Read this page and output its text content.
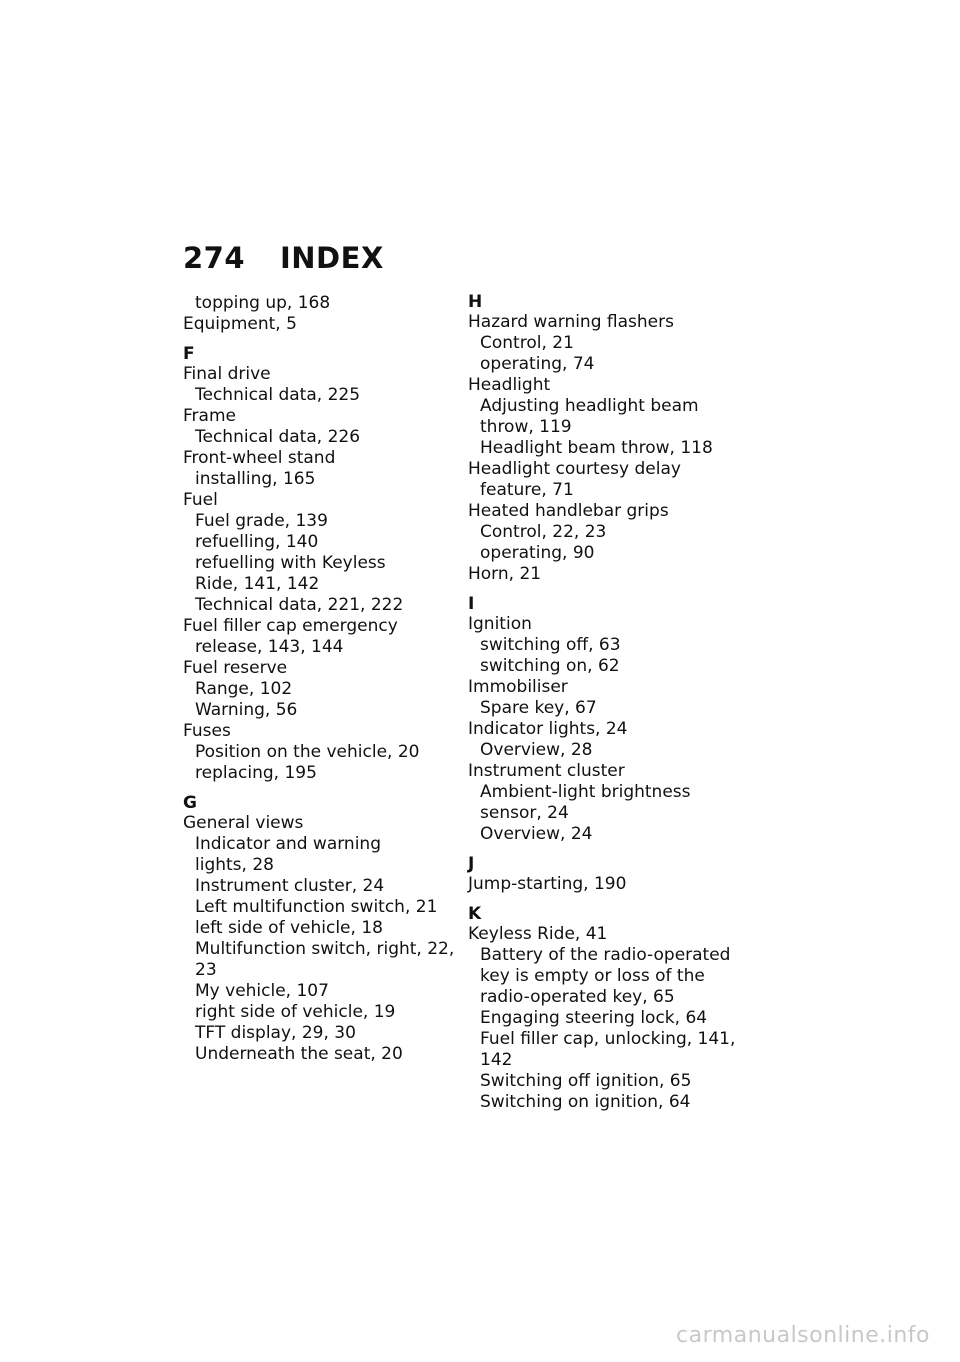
274	INDEX
topping up, 168
Equipment, 5
F
Final drive
Technical data, 225
Frame
Technical data, 226
Front-wheel stand
installing, 165
Fuel
Fuel grade, 139
refuelling, 140
refuelling with Keyless
Ride, 141, 142
Technical data, 221, 222
Fuel filler cap emergency
release, 143, 144
Fuel reserve
Range, 102
Warning, 56
Fuses
Position on the vehicle, 20
replacing, 195
G
General views
Indicator and warning
lights, 28
Instrument cluster, 24
Left multifunction switch, 21
left side of vehicle, 18
Multifunction switch, right, 22,
23
My vehicle, 107
right side of vehicle, 19
TFT display, 29, 30
Underneath the seat, 20
H
Hazard warning flashers
Control, 21
operating, 74
Headlight
Adjusting headlight beam
throw, 119
Headlight beam throw, 118
Headlight courtesy delay
feature, 71
Heated handlebar grips
Control, 22, 23
operating, 90
Horn, 21
I
Ignition
switching off, 63
switching on, 62
Immobiliser
Spare key, 67
Indicator lights, 24
Overview, 28
Instrument cluster
Ambient-light brightness
sensor, 24
Overview, 24
J
Jump-starting, 190
K
Keyless Ride, 41
Battery of the radio-operated
key is empty or loss of the
radio-operated key, 65
Engaging steering lock, 64
Fuel filler cap, unlocking, 141,
142
Switching off ignition, 65
Switching on ignition, 64
carmanualsonline.info
